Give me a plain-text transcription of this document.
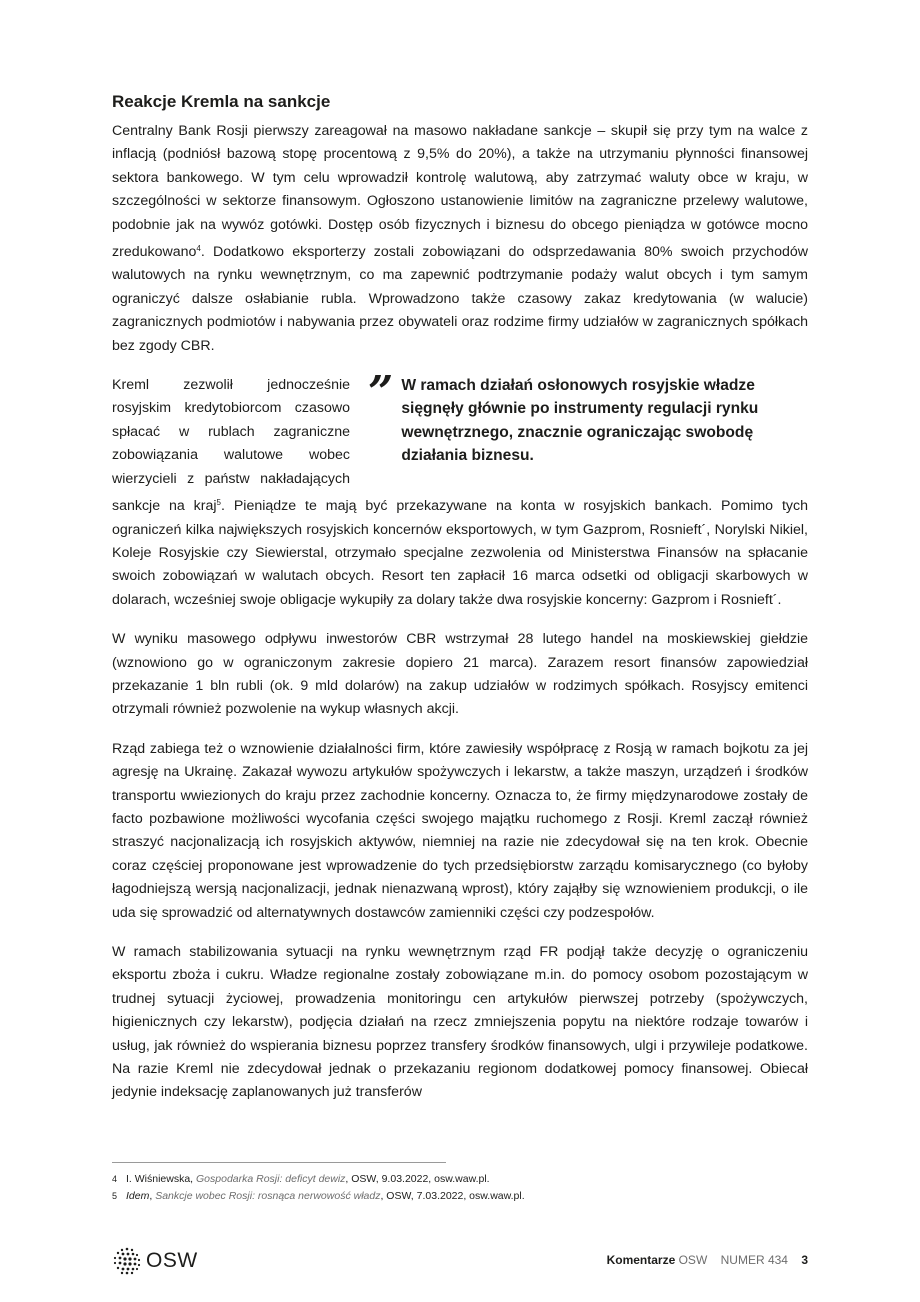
Reakcje Kremla na sankcje

Centralny Bank Rosji pierwszy zareagował na masowo nakładane sankcje – skupił się przy tym na walce z inflacją (podniósł bazową stopę procentową z 9,5% do 20%), a także na utrzymaniu płynności finansowej sektora bankowego. W tym celu wprowadził kontrolę walutową, aby zatrzymać waluty obce w kraju, w szczególności w sektorze finansowym. Ogłoszono ustanowienie limitów na zagraniczne przelewy walutowe, podobnie jak na wywóz gotówki. Dostęp osób fizycznych i biznesu do obcego pieniądza w gotówce mocno zredukowano$^4$. Dodatkowo eksporterzy zostali zobowiązani do odsprzedawania 80% swoich przychodów walutowych na rynku wewnętrznym, co ma zapewnić podtrzymanie podaży walut obcych i tym samym ograniczyć dalsze osłabianie rubla. Wprowadzono także czasowy zakaz kredytowania (w walucie) zagranicznych podmiotów i nabywania przez obywateli oraz rodzime firmy udziałów w zagranicznych spółkach bez zgody CBR.

” W ramach działań osłonowych rosyjskie władze sięgnęły głównie po instrumenty regulacji rynku wewnętrznego, znacznie ograniczając swobodę działania biznesu.

Kreml zezwolił jednocześnie rosyjskim kredytobiorcom czasowo spłacać w rublach zagraniczne zobowiązania walutowe wobec wierzycieli z państw nakładających sankcje na kraj$^5$. Pieniądze te mają być przekazywane na konta w rosyjskich bankach. Pomimo tych ograniczeń kilka największych rosyjskich koncernów eksportowych, w tym Gazprom, Rosnieft´, Norylski Nikiel, Koleje Rosyjskie czy Siewierstal, otrzymało specjalne zezwolenia od Ministerstwa Finansów na spłacanie swoich zobowiązań w walutach obcych. Resort ten zapłacił 16 marca odsetki od obligacji skarbowych w dolarach, wcześniej swoje obligacje wykupiły za dolary także dwa rosyjskie koncerny: Gazprom i Rosnieft´.

W wyniku masowego odpływu inwestorów CBR wstrzymał 28 lutego handel na moskiewskiej giełdzie (wznowiono go w ograniczonym zakresie dopiero 21 marca). Zarazem resort finansów zapowiedział przekazanie 1 bln rubli (ok. 9 mld dolarów) na zakup udziałów w rodzimych spółkach. Rosyjscy emitenci otrzymali również pozwolenie na wykup własnych akcji.

Rząd zabiega też o wznowienie działalności firm, które zawiesiły współpracę z Rosją w ramach bojkotu za jej agresję na Ukrainę. Zakazał wywozu artykułów spożywczych i lekarstw, a także maszyn, urządzeń i środków transportu wwiezionych do kraju przez zachodnie koncerny. Oznacza to, że firmy międzynarodowe zostały de facto pozbawione możliwości wycofania części swojego majątku ruchomego z Rosji. Kreml zaczął również straszyć nacjonalizacją ich rosyjskich aktywów, niemniej na razie nie zdecydował się na ten krok. Obecnie coraz częściej proponowane jest wprowadzenie do tych przedsiębiorstw zarządu komisarycznego (co byłoby łagodniejszą wersją nacjonalizacji, jednak nienazwaną wprost), który zająłby się wznowieniem produkcji, o ile uda się sprowadzić od alternatywnych dostawców zamienniki części czy podzespołów.

W ramach stabilizowania sytuacji na rynku wewnętrznym rząd FR podjął także decyzję o ograniczeniu eksportu zboża i cukru. Władze regionalne zostały zobowiązane m.in. do pomocy osobom pozostającym w trudnej sytuacji życiowej, prowadzenia monitoringu cen artykułów pierwszej potrzeby (spożywczych, higienicznych czy lekarstw), podjęcia działań na rzecz zmniejszenia popytu na niektóre rodzaje towarów i usług, jak również do wspierania biznesu poprzez transfery środków finansowych, ulgi i przywileje podatkowe. Na razie Kreml nie zdecydował jednak o przekazaniu regionom dodatkowej pomocy finansowej. Obiecał jedynie indeksację zaplanowanych już transferów

4 I. Wiśniewska, Gospodarka Rosji: deficyt dewiz, OSW, 9.03.2022, osw.waw.pl.
5 Idem, Sankcje wobec Rosji: rosnąca nerwowość władz, OSW, 7.03.2022, osw.waw.pl.
OSW	Komentarze OSW NUMER 434 3
